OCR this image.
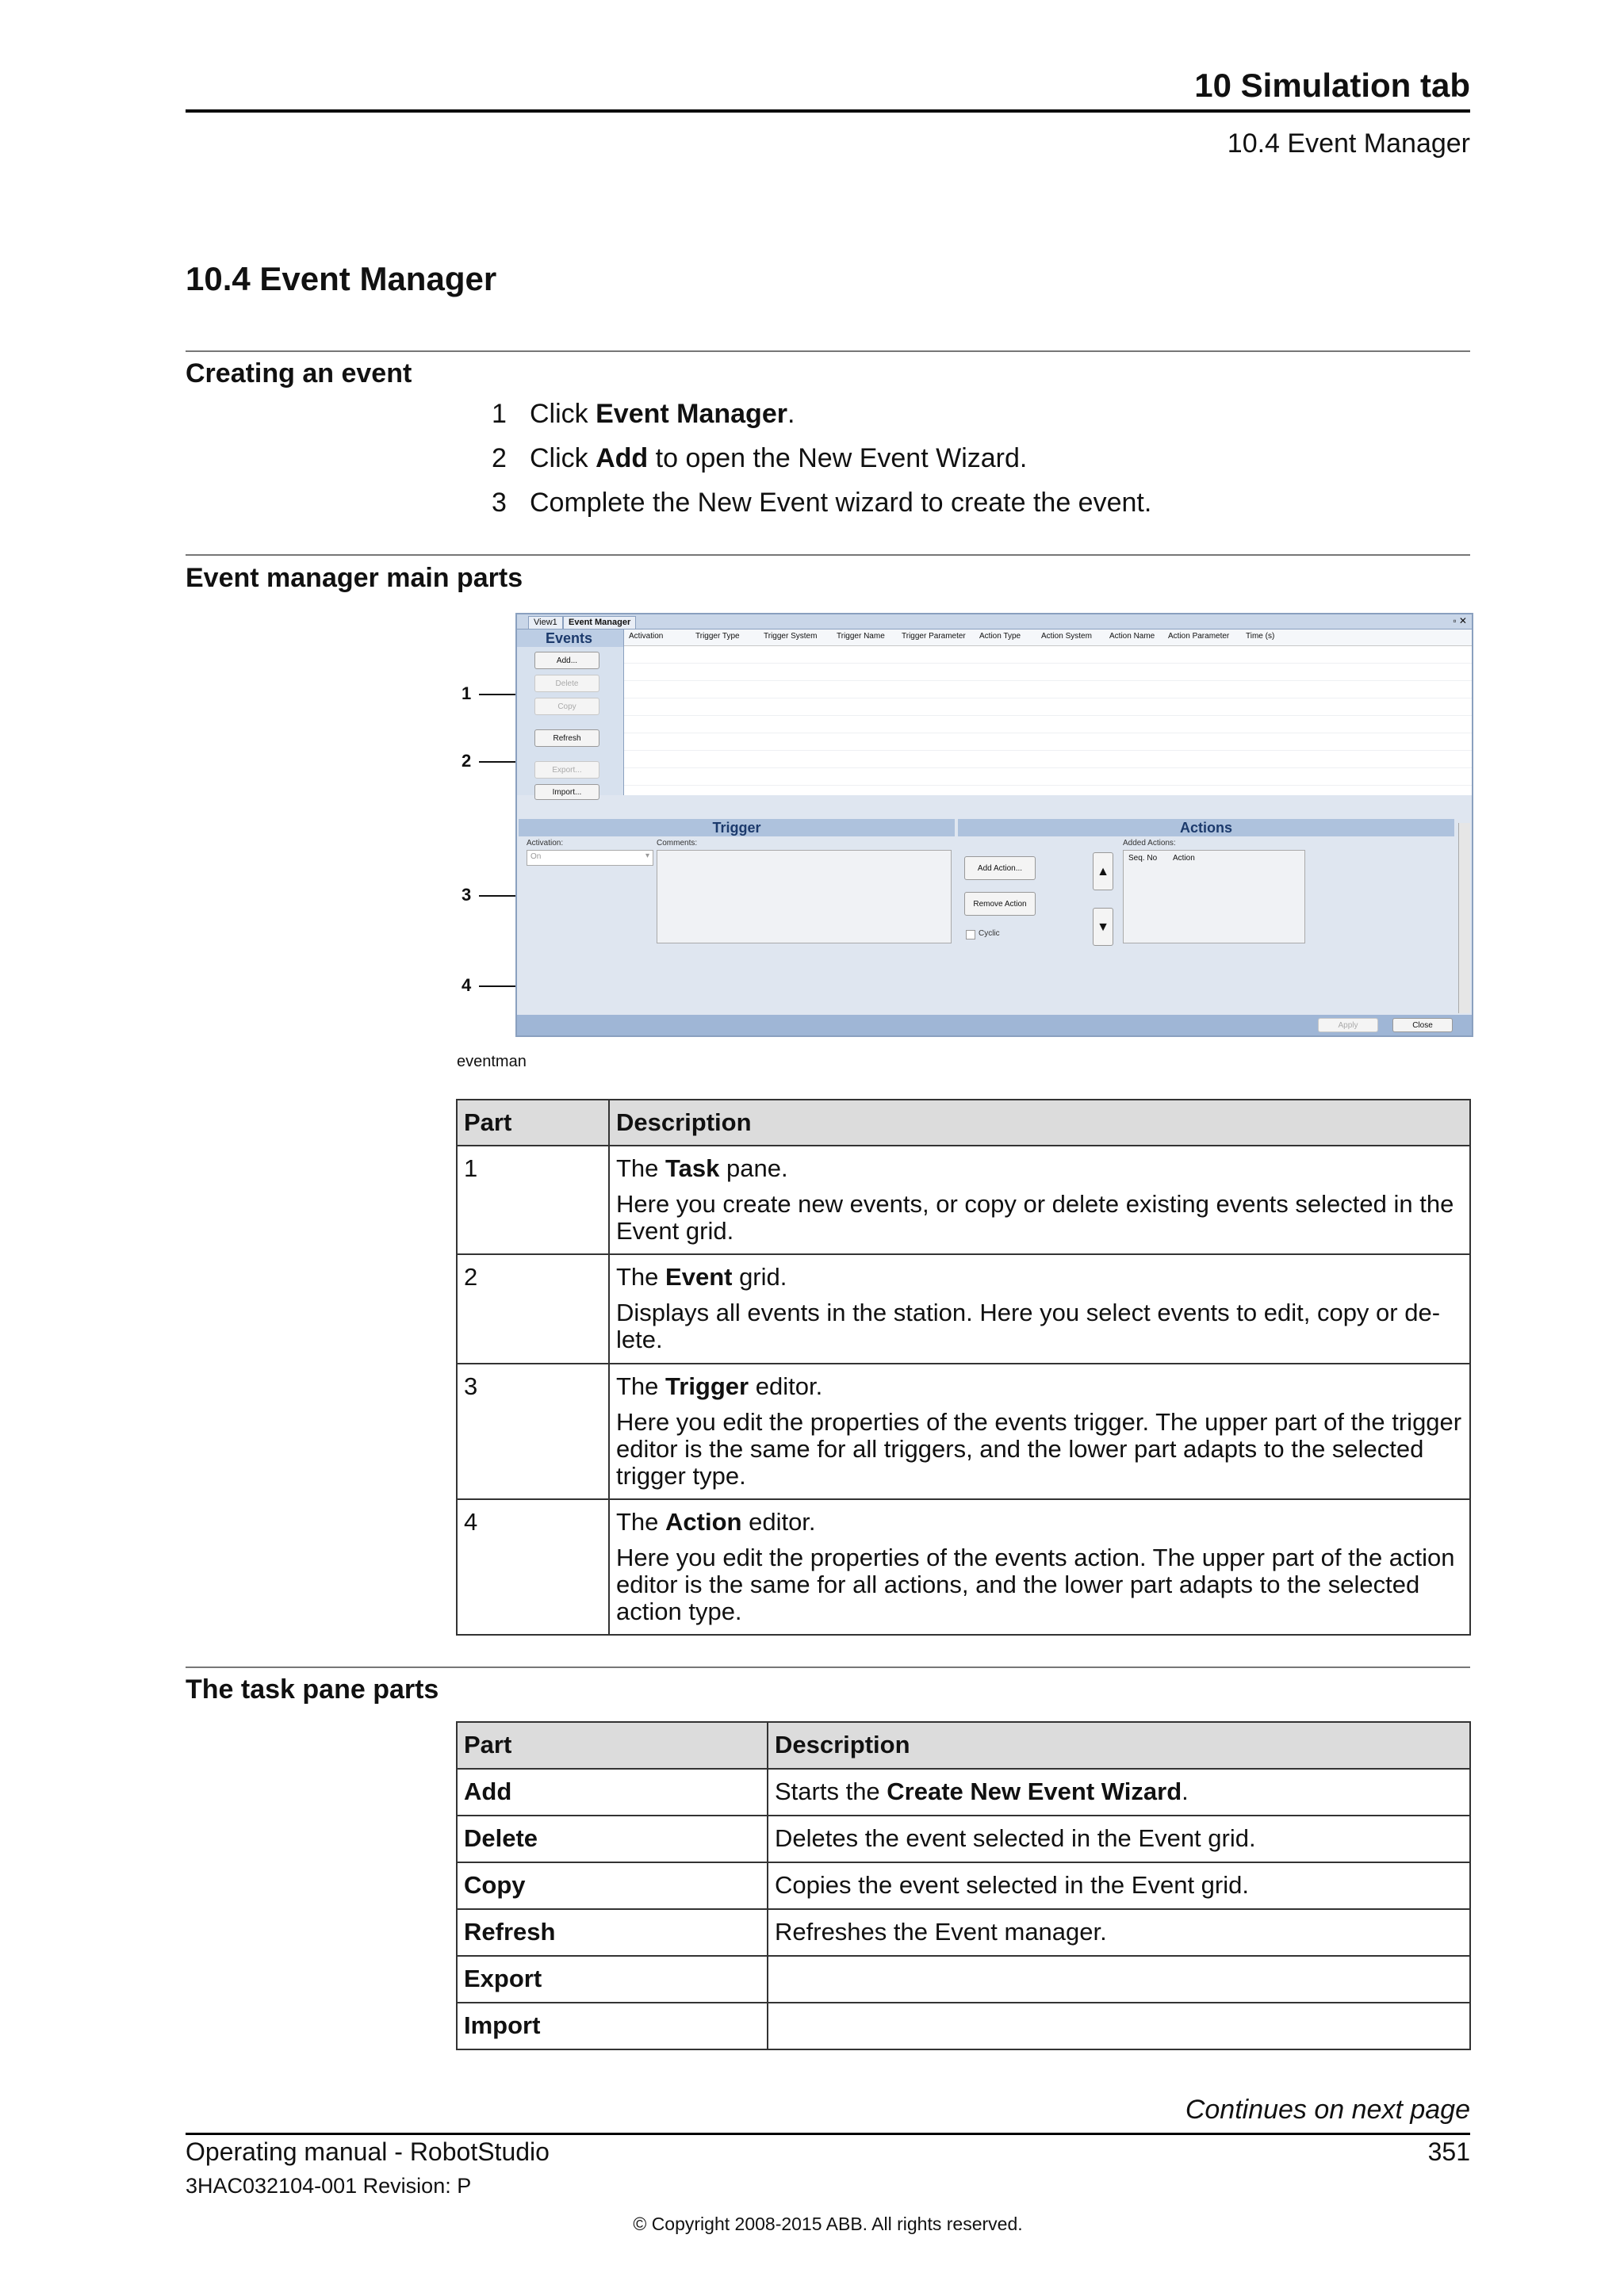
10 Simulation tab
10.4 Event Manager
10.4 Event Manager
Creating an event
1 Click Event Manager.
2 Click Add to open the New Event Wizard.
3 Complete the New Event wizard to create the event.
Event manager main parts
1
2
3
4
View1	Event Manager	▫ ✕
Events
Add...
Delete
Copy
Refresh
Export...
Import...
Activation	Trigger Type	Trigger System Trigger Name Trigger Parameter Action Type	Action System Action Name Action Parameter Time (s)
Trigger
Activation:
On	▾
Comments:
Actions
Add Action...
Remove Action
Cyclic
▲
▼
Added Actions:
Seq. No Action
Apply	Close
eventman
Part	Description
1	The Task pane.
Here you create new events, or copy or delete existing events selected in the Event grid.

2	The Event grid.
Displays all events in the station. Here you select events to edit, copy or de-lete.

3	The Trigger editor.
Here you edit the properties of the events trigger. The upper part of the trigger editor is the same for all triggers, and the lower part adapts to the selected trigger type.

4	The Action editor.
Here you edit the properties of the events action. The upper part of the action editor is the same for all actions, and the lower part adapts to the selected action type.
The task pane parts
Part	Description
Add	Starts the Create New Event Wizard.
Delete	Deletes the event selected in the Event grid.
Copy	Copies the event selected in the Event grid.
Refresh	Refreshes the Event manager.
Export	
Import	
Continues on next page
Operating manual - RobotStudio	351
3HAC032104-001 Revision: P
© Copyright 2008-2015 ABB. All rights reserved.
